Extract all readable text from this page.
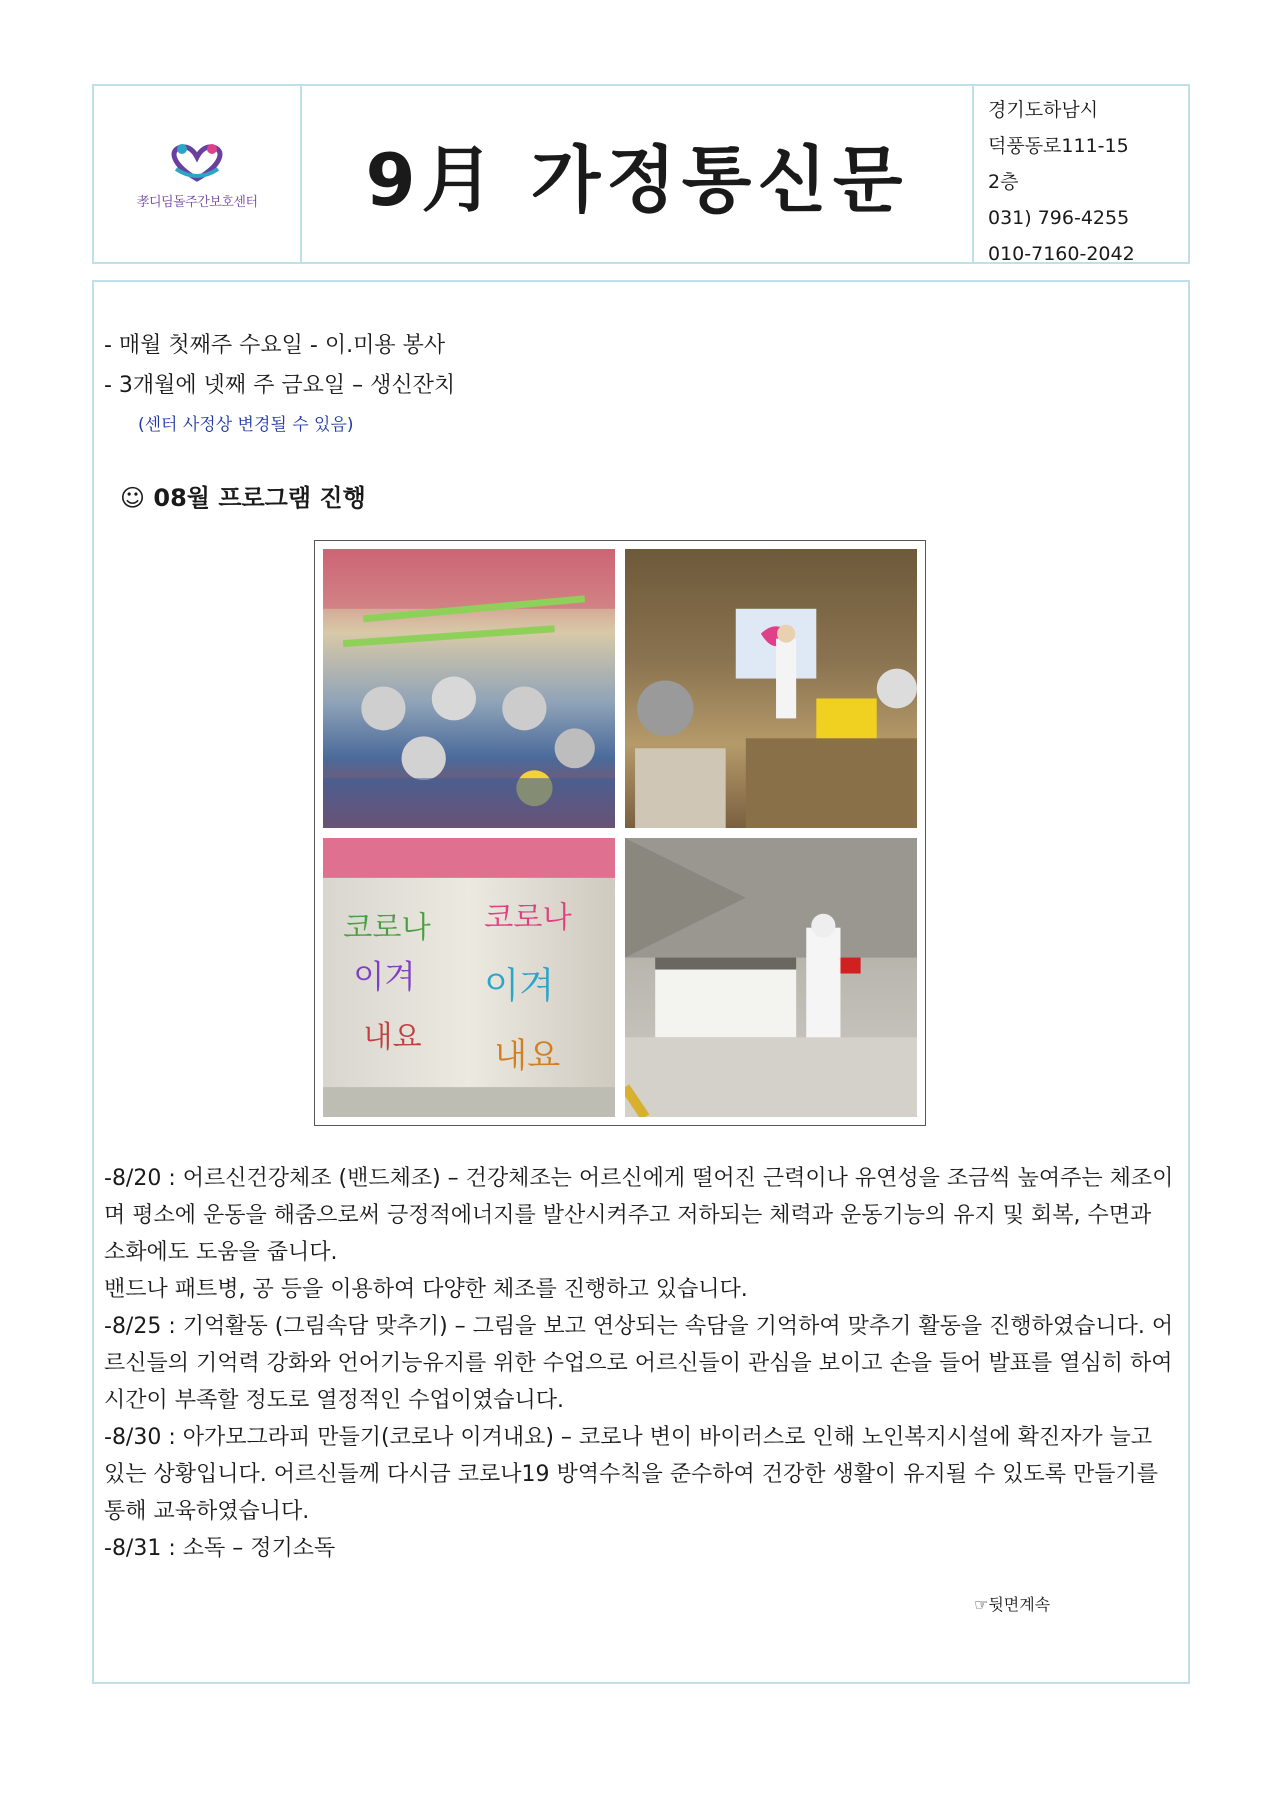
孝디딤돌주간보호센터 9月 가정통신문
경기도하남시
덕풍동로111-15
2층
031) 796-4255
010-7160-2042
- 매월 첫째주 수요일 - 이.미용 봉사
- 3개월에 넷째 주 금요일 – 생신잔치
(센터 사정상 변경될 수 있음)
☺ 08월 프로그램 진행
코로나 코로나
이겨 이겨
내요 내요
-8/20 : 어르신건강체조 (밴드체조) – 건강체조는 어르신에게 떨어진 근력이나 유연성을 조금씩 높여주는 체조이며 평소에 운동을 해줌으로써 긍정적에너지를 발산시켜주고 저하되는 체력과 운동기능의 유지 및 회복, 수면과 소화에도 도움을 줍니다.
밴드나 패트병, 공 등을 이용하여 다양한 체조를 진행하고 있습니다.
-8/25 : 기억활동 (그림속담 맞추기) – 그림을 보고 연상되는 속담을 기억하여 맞추기 활동을 진행하였습니다. 어르신들의 기억력 강화와 언어기능유지를 위한 수업으로 어르신들이 관심을 보이고 손을 들어 발표를 열심히 하여 시간이 부족할 정도로 열정적인 수업이였습니다.
-8/30 : 아가모그라피 만들기(코로나 이겨내요) – 코로나 변이 바이러스로 인해 노인복지시설에 확진자가 늘고 있는 상황입니다. 어르신들께 다시금 코로나19 방역수칙을 준수하여 건강한 생활이 유지될 수 있도록 만들기를 통해 교육하였습니다.
-8/31 : 소독 – 정기소독
☞뒷면계속
